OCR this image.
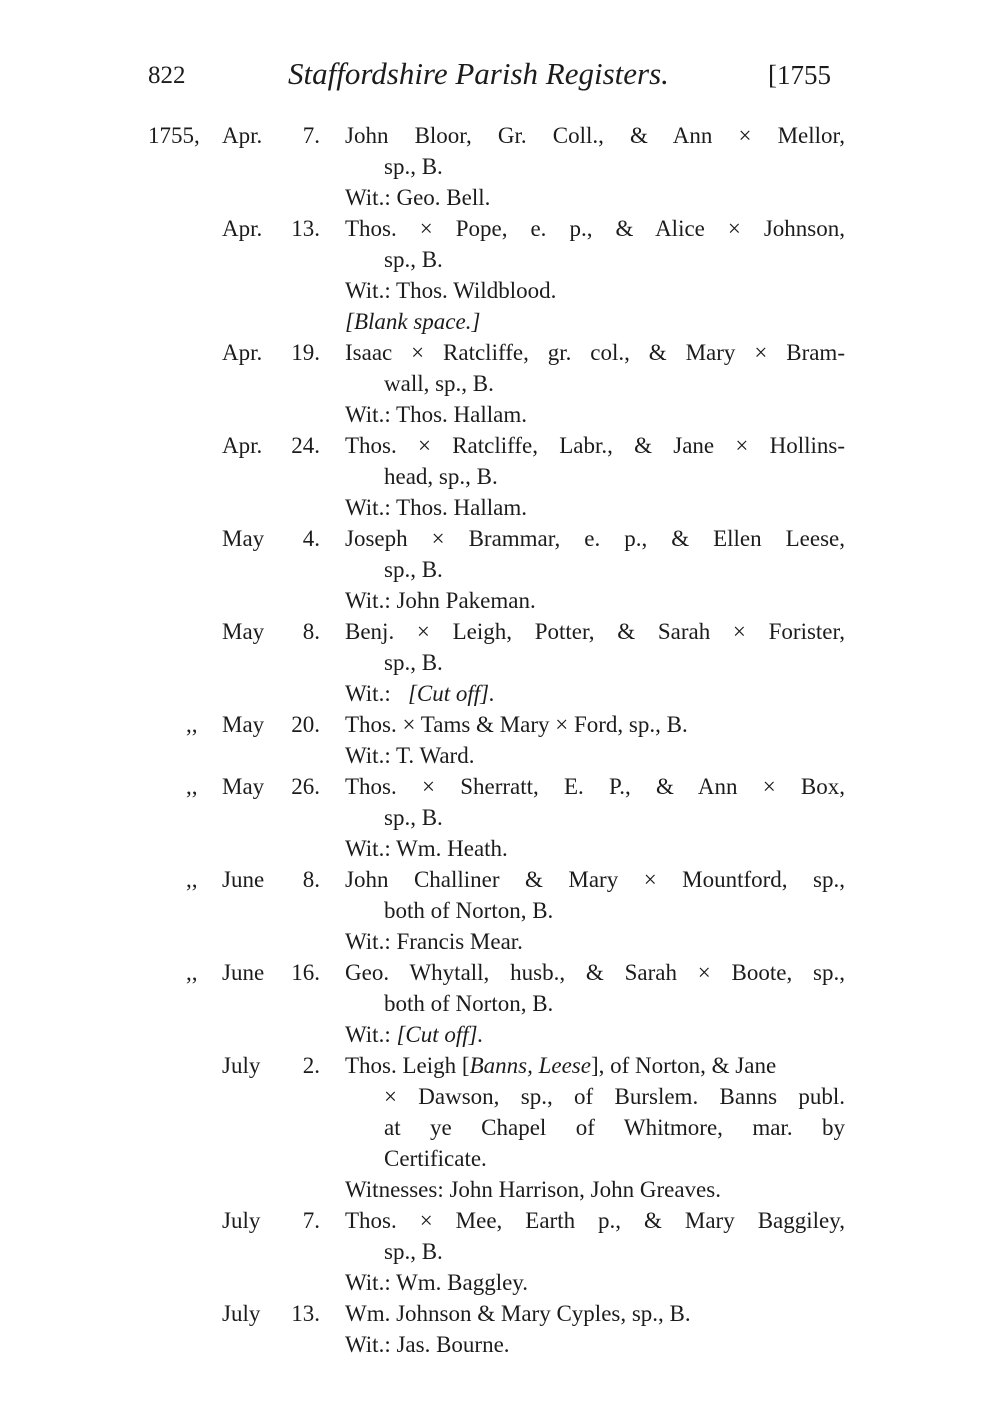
822	Staffordshire Parish Registers.	[1755
1755, Apr.	7. John Bloor, Gr. Coll., & Ann × Mellor,
sp., B.
Wit.: Geo. Bell.
Apr.	13. Thos. × Pope, e. p., & Alice × Johnson,
sp., B.
Wit.: Thos. Wildblood.
[Blank space.]
Apr.	19. Isaac × Ratcliffe, gr. col., & Mary × Bram-
wall, sp., B.
Wit.: Thos. Hallam.
Apr.	24. Thos. × Ratcliffe, Labr., & Jane × Hollins-
head, sp., B.
Wit.: Thos. Hallam.
May	4. Joseph × Brammar, e. p., & Ellen Leese,
sp., B.
Wit.: John Pakeman.
May	8. Benj. × Leigh, Potter, & Sarah × Forister,
sp., B.
Wit.: [Cut off].
,, May	20. Thos. × Tams & Mary × Ford, sp., B.
Wit.: T. Ward.
,, May	26. Thos. × Sherratt, E. P., & Ann × Box,
sp., B.
Wit.: Wm. Heath.
,, June	8. John Challiner & Mary × Mountford, sp.,
both of Norton, B.
Wit.: Francis Mear.
,, June	16. Geo. Whytall, husb., & Sarah × Boote, sp.,
both of Norton, B.
Wit.: [Cut off].
July	2. Thos. Leigh [Banns, Leese], of Norton, & Jane
× Dawson, sp., of Burslem. Banns publ.
at ye Chapel of Whitmore, mar. by
Certificate.
Witnesses: John Harrison, John Greaves.
July	7. Thos. × Mee, Earth p., & Mary Baggiley,
sp., B.
Wit.: Wm. Baggley.
July	13. Wm. Johnson & Mary Cyples, sp., B.
Wit.: Jas. Bourne.
